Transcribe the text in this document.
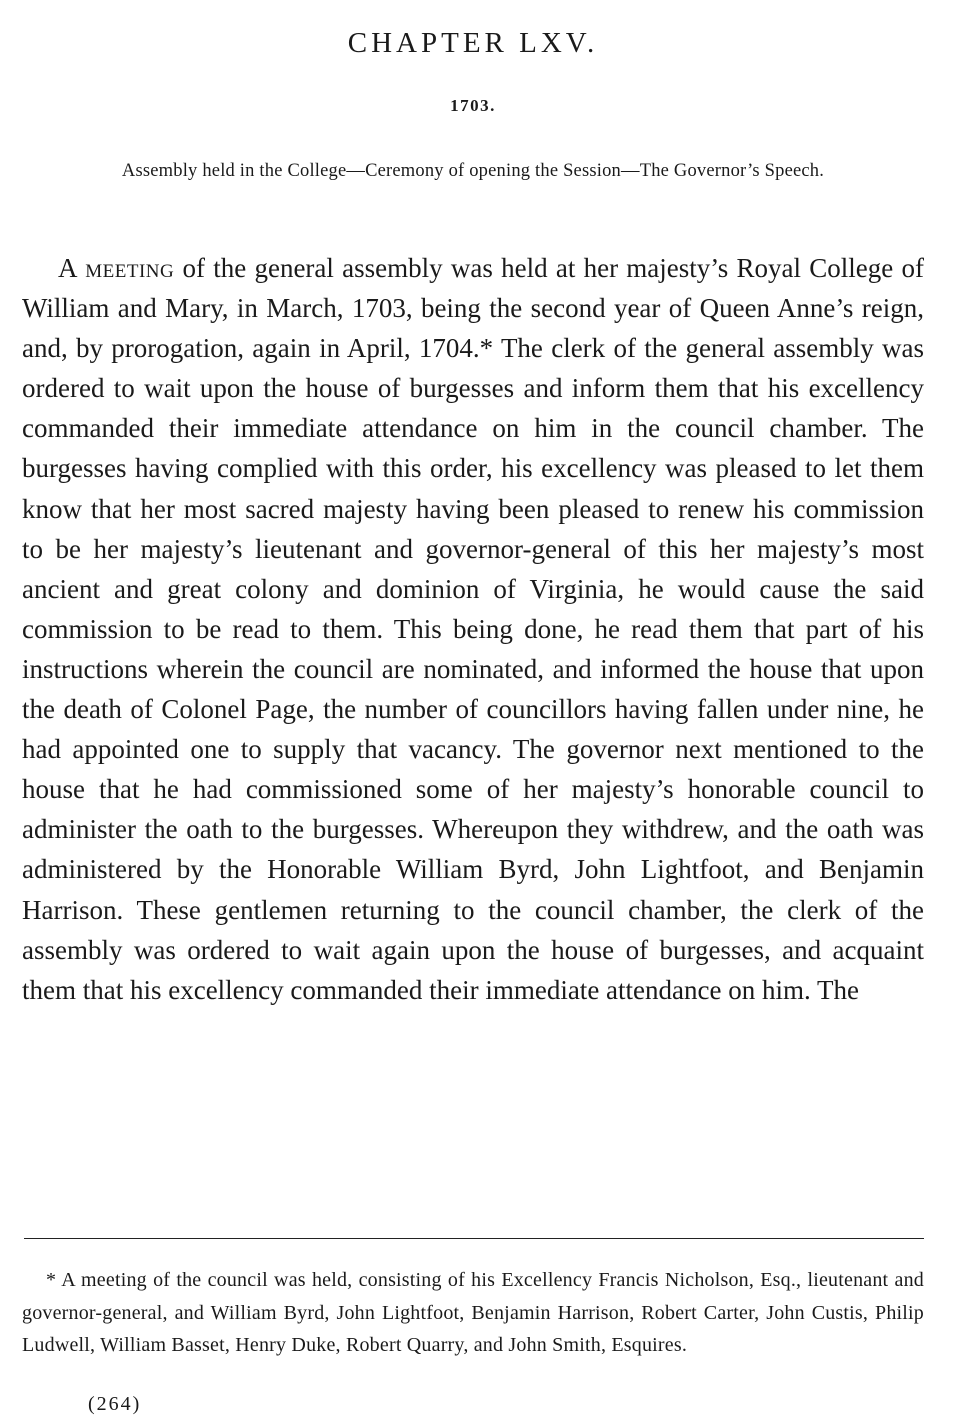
CHAPTER LXV.
1703.
Assembly held in the College—Ceremony of opening the Session—The Governor’s Speech.

A meeting of the general assembly was held at her majesty’s Royal College of William and Mary, in March, 1703, being the second year of Queen Anne’s reign, and, by prorogation, again in April, 1704.* The clerk of the general assembly was ordered to wait upon the house of burgesses and inform them that his excellency commanded their immediate attendance on him in the council chamber. The burgesses having complied with this order, his excellency was pleased to let them know that her most sacred majesty having been pleased to renew his commission to be her majesty’s lieutenant and governor-general of this her majesty’s most ancient and great colony and dominion of Virginia, he would cause the said commission to be read to them. This being done, he read them that part of his instructions wherein the council are nominated, and informed the house that upon the death of Colonel Page, the number of councillors having fallen under nine, he had appointed one to supply that vacancy. The governor next mentioned to the house that he had commissioned some of her majesty’s honorable council to administer the oath to the burgesses. Whereupon they withdrew, and the oath was administered by the Honorable William Byrd, John Lightfoot, and Benjamin Harrison. These gentlemen returning to the council chamber, the clerk of the assembly was ordered to wait again upon the house of burgesses, and acquaint them that his excellency commanded their immediate attendance on him. The

* A meeting of the council was held, consisting of his Excellency Francis Nicholson, Esq., lieutenant and governor-general, and William Byrd, John Lightfoot, Benjamin Harrison, Robert Carter, John Custis, Philip Ludwell, William Basset, Henry Duke, Robert Quarry, and John Smith, Esquires.

(264)
